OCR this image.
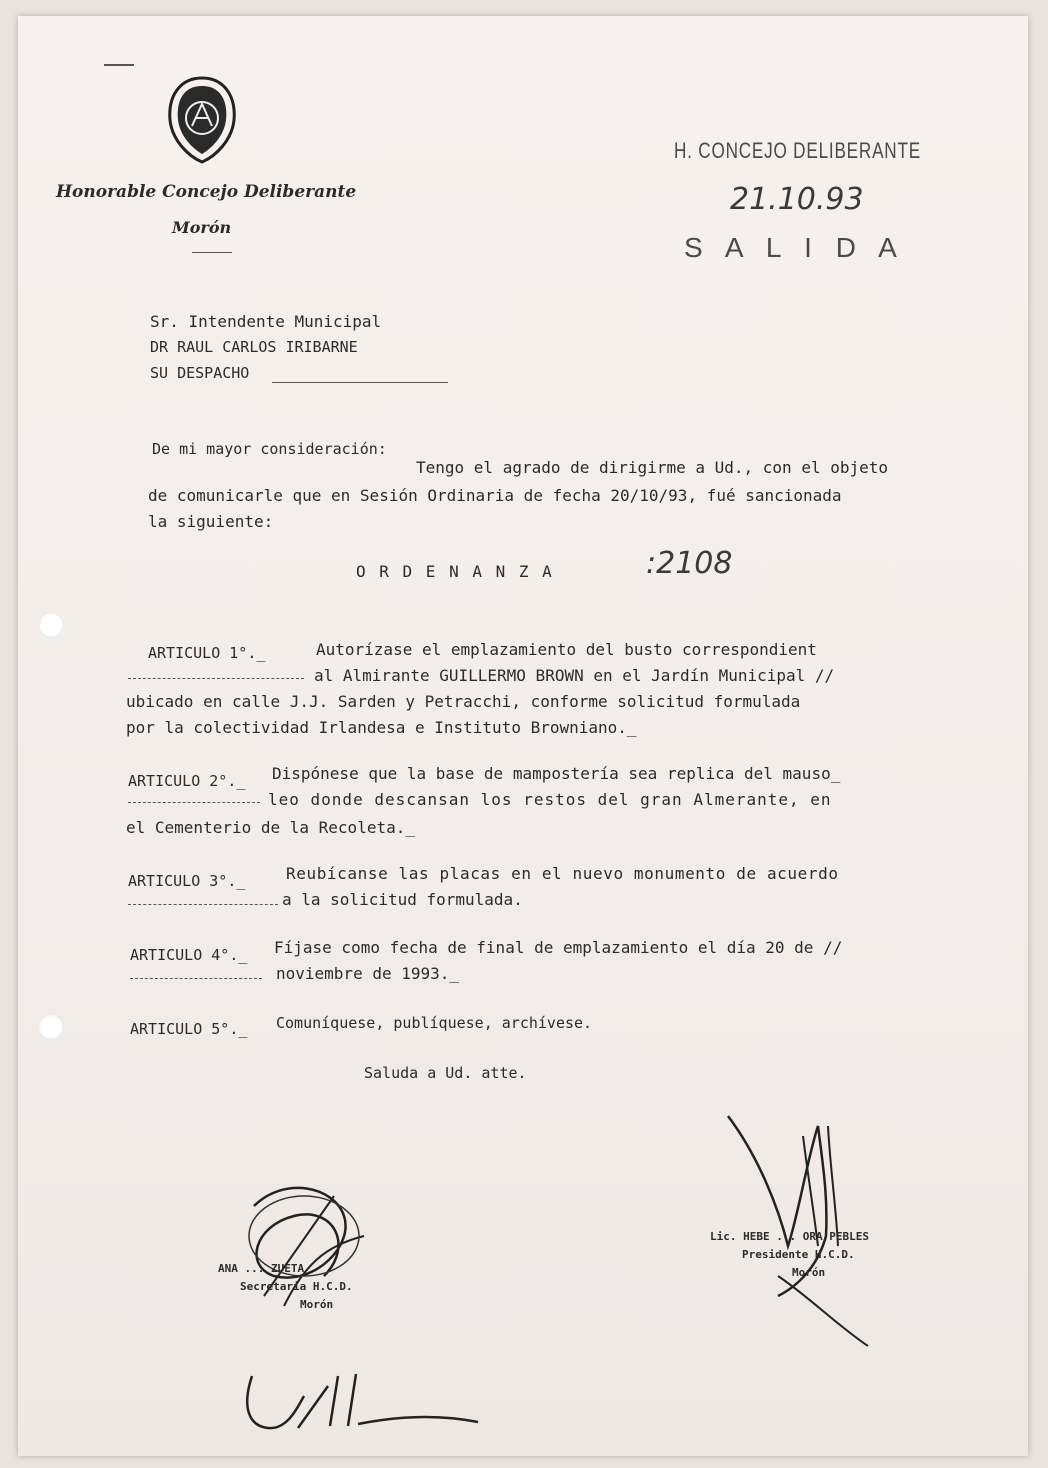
Honorable Concejo Deliberante
Morón
H. CONCEJO DELIBERANTE
21.10.93
S A L I D A
Sr. Intendente Municipal
DR RAUL CARLOS IRIBARNE
SU DESPACHO
De mi mayor consideración:
Tengo el agrado de dirigirme a Ud., con el objeto
de comunicarle que en Sesión Ordinaria de fecha 20/10/93, fué sancionada
la siguiente:
O R D E N A N Z A	:2108
ARTICULO 1°._	Autorízase el emplazamiento del busto correspondient
al Almirante GUILLERMO BROWN en el Jardín Municipal //
ubicado en calle J.J. Sarden y Petracchi, conforme solicitud formulada
por la colectividad Irlandesa e Instituto Browniano._
ARTICULO 2°._ Dispónese que la base de mampostería sea replica del mauso_
leo donde descansan los restos del gran Almerante, en
el Cementerio de la Recoleta._
ARTICULO 3°._	Reubícanse las placas en el nuevo monumento de acuerdo
a la solicitud formulada.
ARTICULO 4°._ Fíjase como fecha de final de emplazamiento el día 20 de //
noviembre de 1993._
ARTICULO 5°._ Comuníquese, publíquese, archívese.
Saluda a Ud. atte.
ANA ... ZUETA
Secretaria H.C.D.
Morón
Lic. HEBE ... ORA PEBLES
Presidente H.C.D.
Morón
